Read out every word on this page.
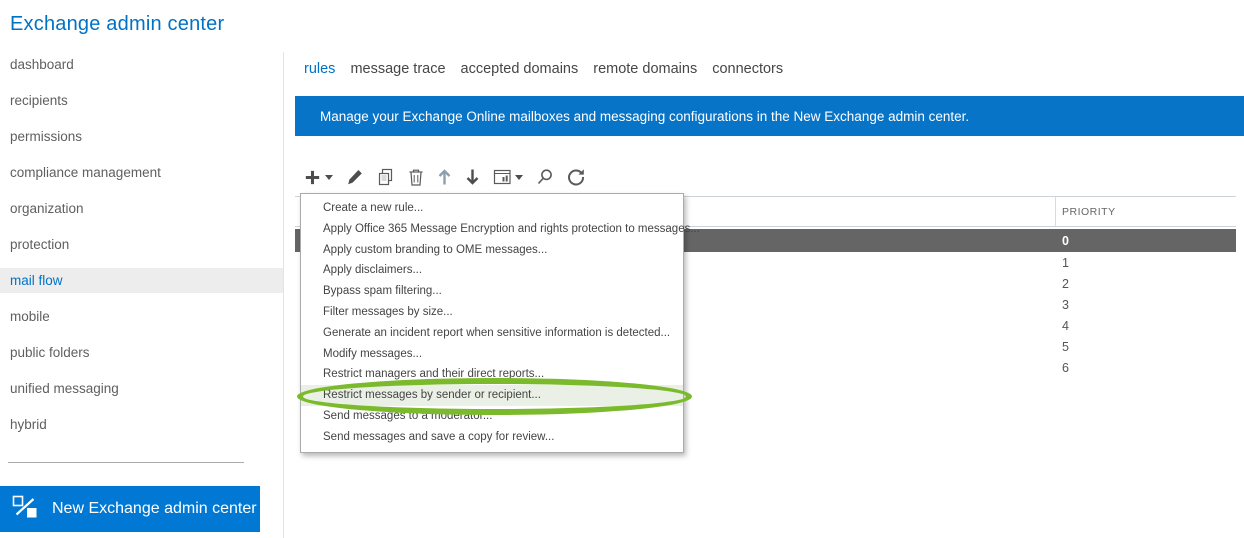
Exchange admin center
dashboard
recipients
permissions
compliance management
organization
protection
mail flow
mobile
public folders
unified messaging
hybrid
New Exchange admin center
rules message trace accepted domains remote domains connectors
Manage your Exchange Online mailboxes and messaging configurations in the New Exchange admin center.
PRIORITY
0
1
2
3
4
5
6
Create a new rule...
Apply Office 365 Message Encryption and rights protection to messages...
Apply custom branding to OME messages...
Apply disclaimers...
Bypass spam filtering...
Filter messages by size...
Generate an incident report when sensitive information is detected...
Modify messages...
Restrict managers and their direct reports...
Restrict messages by sender or recipient...
Send messages to a moderator...
Send messages and save a copy for review...
